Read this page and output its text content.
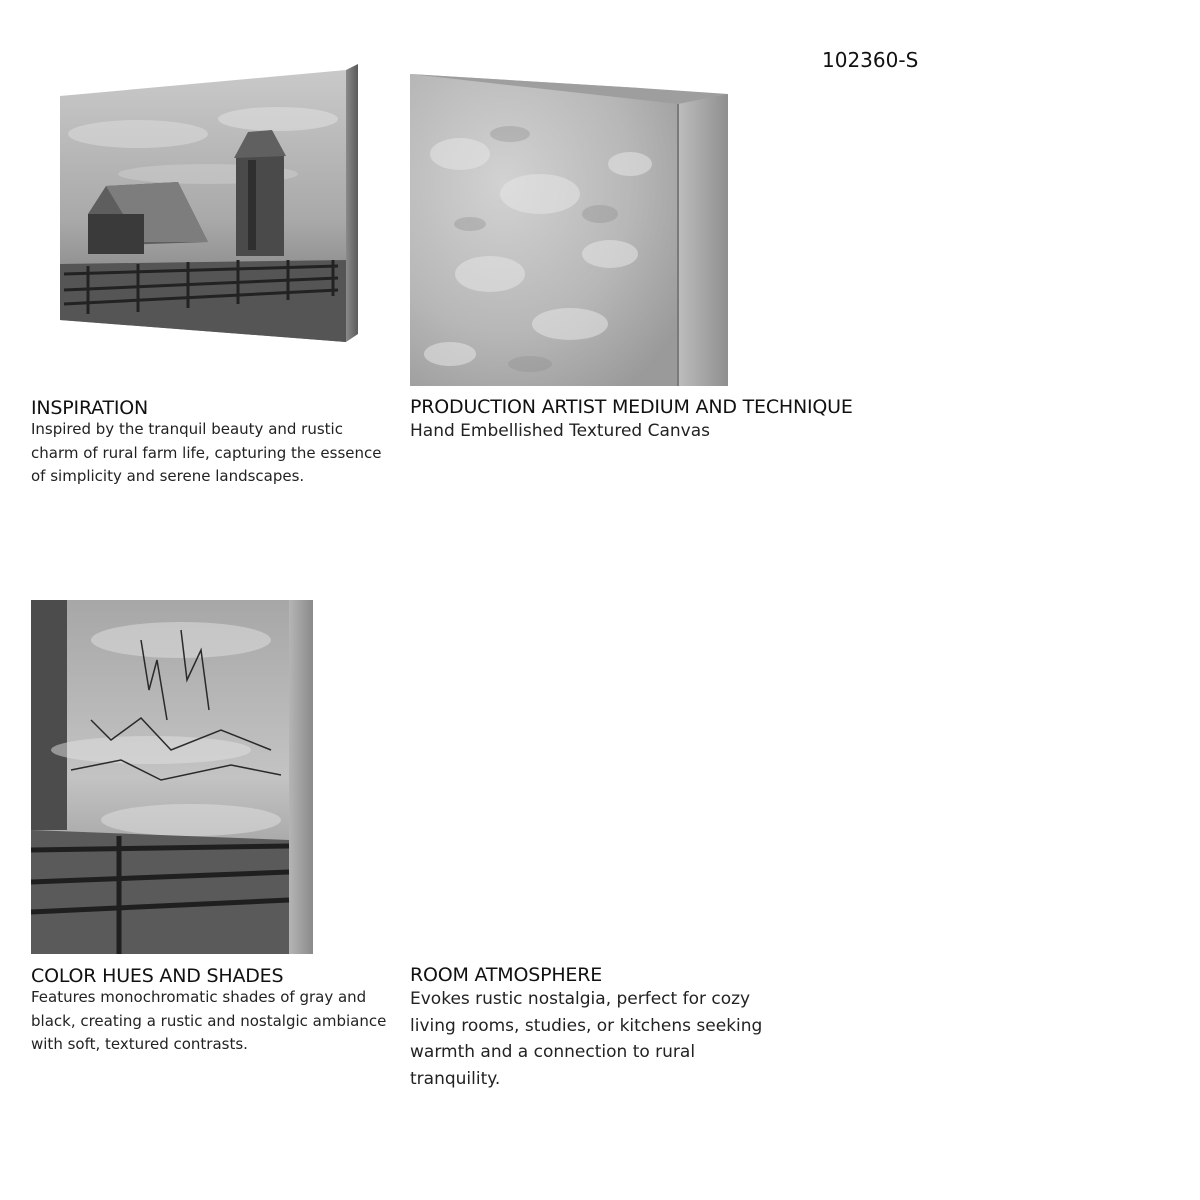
102360-S
INSPIRATION
Inspired by the tranquil beauty and rustic charm of rural farm life, capturing the essence of simplicity and serene landscapes.
PRODUCTION ARTIST MEDIUM AND TECHNIQUE
Hand Embellished Textured Canvas
COLOR HUES AND SHADES
Features monochromatic shades of gray and black, creating a rustic and nostalgic ambiance with soft, textured contrasts.
ROOM ATMOSPHERE
Evokes rustic nostalgia, perfect for cozy living rooms, studies, or kitchens seeking warmth and a connection to rural tranquility.
